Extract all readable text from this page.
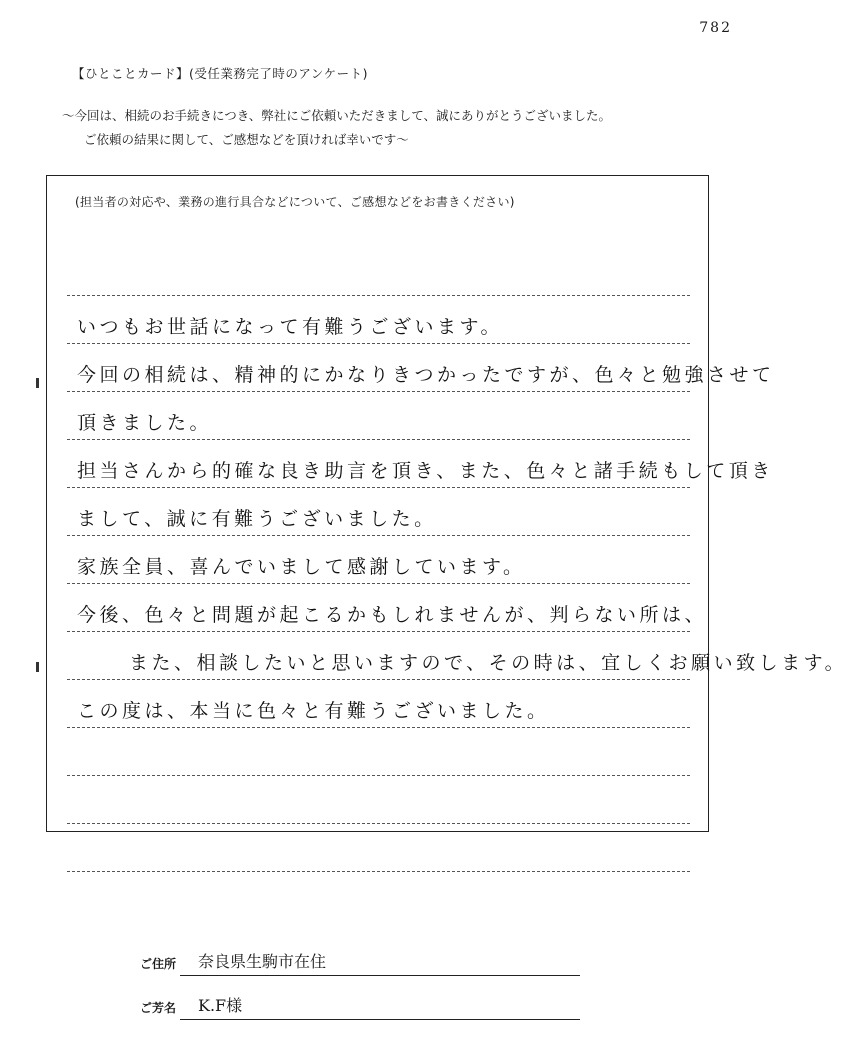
782
【ひとことカード】(受任業務完了時のアンケート)
〜今回は、相続のお手続きにつき、弊社にご依頼いただきまして、誠にありがとうございました。
ご依頼の結果に関して、ご感想などを頂ければ幸いです〜
(担当者の対応や、業務の進行具合などについて、ご感想などをお書きください)
いつもお世話になって有難うございます。
今回の相続は、精神的にかなりきつかったですが、色々と勉強させて
頂きました。
担当さんから的確な良き助言を頂き、また、色々と諸手続もして頂き
まして、誠に有難うございました。
家族全員、喜んでいまして感謝しています。
今後、色々と問題が起こるかもしれませんが、判らない所は、
また、相談したいと思いますので、その時は、宜しくお願い致します。
この度は、本当に色々と有難うございました。
ご住所 奈良県生駒市在住
ご芳名 K.F様
